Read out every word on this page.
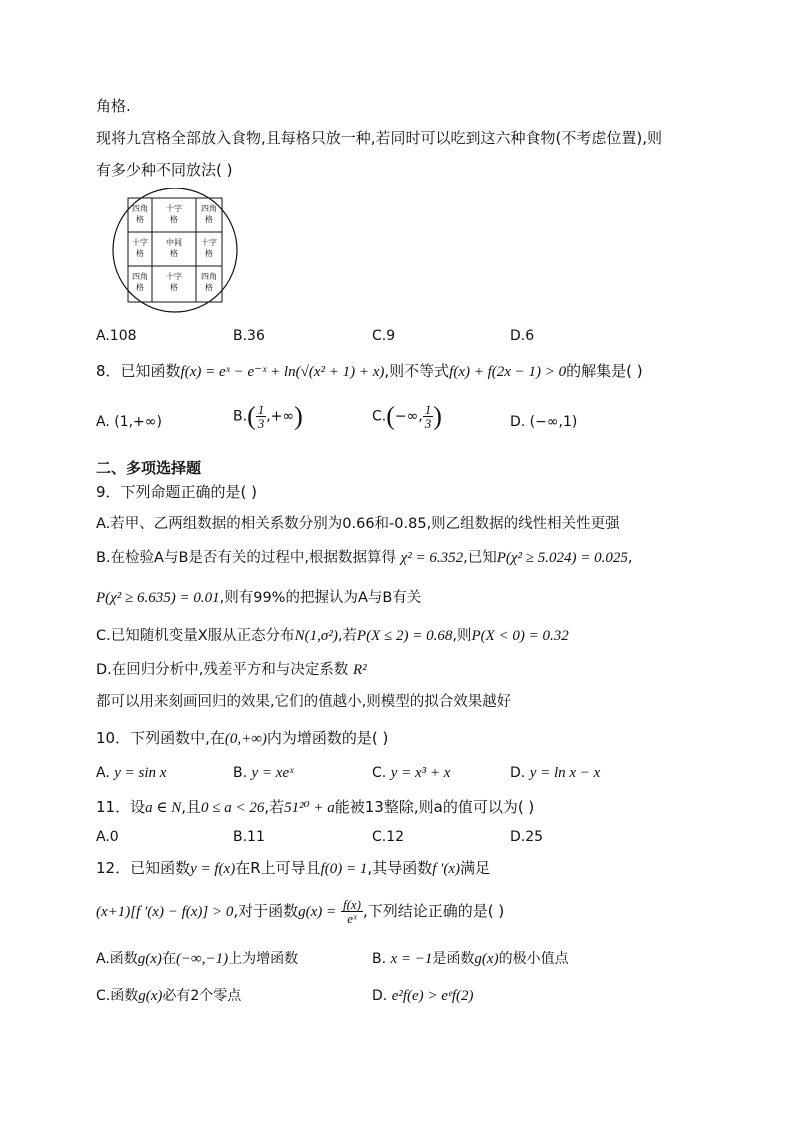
角格.
现将九宫格全部放入食物,且每格只放一种,若同时可以吃到这六种食物(不考虑位置),则
有多少种不同放法( )
四角格
十字格
四角格
十字格
中间格
十字格
四角格
十字格
四角格
A.108	B.36	C.9	D.6
8．已知函数f(x) = eˣ − e⁻ˣ + ln(√(x² + 1) + x),则不等式f(x) + f(2x − 1) > 0的解集是( )
A. (1,+∞)	$B.( \frac{1}{3}$ ,+∞)	C.(−∞, $\frac{1}{3}$ )	D. (−∞,1)
二、多项选择题
9．下列命题正确的是( )
A.若甲、乙两组数据的相关系数分别为0.66和-0.85,则乙组数据的线性相关性更强
B.在检验A与B是否有关的过程中,根据数据算得 χ² = 6.352,已知P(χ² ≥ 5.024) = 0.025,
P(χ² ≥ 6.635) = 0.01,则有99%的把握认为A与B有关
C.已知随机变量X服从正态分布N(1,σ²),若P(X ≤ 2) = 0.68,则P(X < 0) = 0.32
D.在回归分析中,残差平方和与决定系数 R²
都可以用来刻画回归的效果,它们的值越小,则模型的拟合效果越好
10．下列函数中,在(0,+∞)内为增函数的是( )
A. y = sin x	B. y = xeˣ	C. y = x³ + x	D. y = ln x − x
11．设a ∈ N,且0 ≤ a < 26,若51²⁰ + a能被13整除,则a的值可以为( )
A.0	B.11	C.12	D.25
12．已知函数y = f(x)在R上可导且f(0) = 1,其导函数f ′(x)满足
(x+1)[f ′(x) − f(x)] > 0,对于函数$g(x) = \frac{f(x)}{\text{eˣ}}$ ,下列结论正确的是( )
A.函数g(x)在(−∞,−1)上为增函数	B. x = −1是函数g(x)的极小值点
C.函数g(x)必有2个零点	D. e²f(e) > eᵉf(2)
